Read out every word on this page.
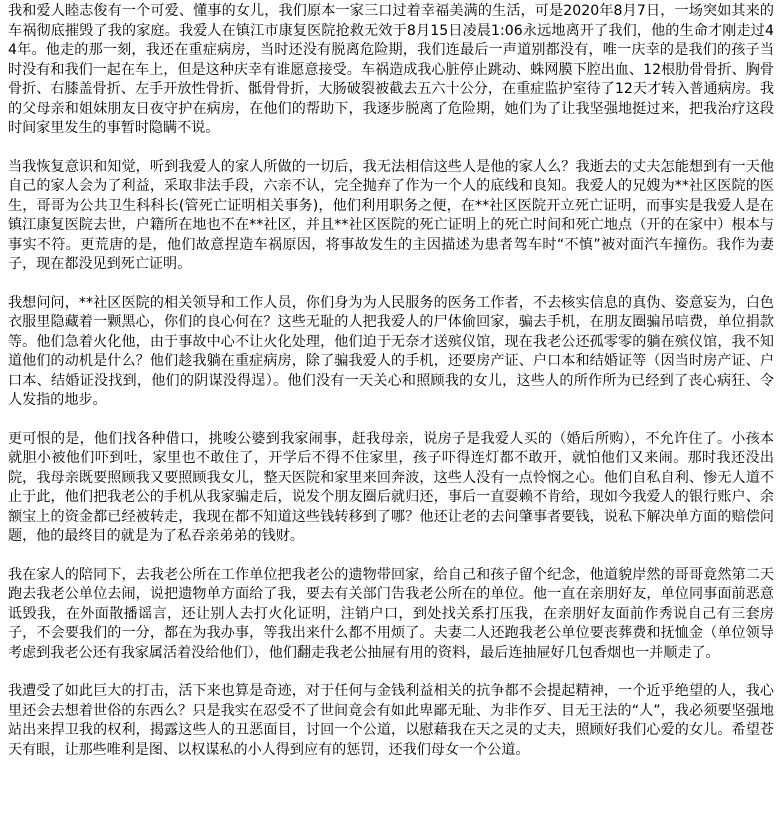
我和爱人睦志俊有一个可爱、懂事的女儿，我们原本一家三口过着幸福美满的生活，可是2020年8月7日，一场突如其来的车祸彻底摧毁了我的家庭。我爱人在镇江市康复医院抢救无效于8月15日凌晨1:06永远地离开了我们，他的生命才刚走过44年。他走的那一刻，我还在重症病房，当时还没有脱离危险期，我们连最后一声道别都没有，唯一庆幸的是我们的孩子当时没有和我们一起在车上，但是这种庆幸有谁愿意接受。车祸造成我心脏停止跳动、蛛网膜下腔出血、12根肋骨骨折、胸骨骨折、右膝盖骨折、左手开放性骨折、骶骨骨折，大肠破裂被截去五六十公分，在重症监护室待了12天才转入普通病房。我的父母亲和姐妹朋友日夜守护在病房，在他们的帮助下，我逐步脱离了危险期，她们为了让我坚强地挺过来，把我治疗这段时间家里发生的事暂时隐瞒不说。

当我恢复意识和知觉，听到我爱人的家人所做的一切后，我无法相信这些人是他的家人么？我逝去的丈夫怎能想到有一天他自己的家人会为了利益，采取非法手段，六亲不认，完全抛弃了作为一个人的底线和良知。我爱人的兄嫂为**社区医院的医生，哥哥为公共卫生科科长(管死亡证明相关事务)，他们利用职务之便，在**社区医院开立死亡证明，而事实是我爱人是在镇江康复医院去世，户籍所在地也不在**社区，并且**社区医院的死亡证明上的死亡时间和死亡地点（开的在家中）根本与事实不符。更荒唐的是，他们故意捏造车祸原因，将事故发生的主因描述为患者驾车时“不慎”被对面汽车撞伤。我作为妻子，现在都没见到死亡证明。

我想问问，**社区医院的相关领导和工作人员，你们身为为人民服务的医务工作者，不去核实信息的真伪、姿意妄为，白色衣服里隐藏着一颗黑心，你们的良心何在？这些无耻的人把我爱人的尸体偷回家，骗去手机，在朋友圈骗吊唁费，单位捐款等。他们急着火化他，由于事故中心不让火化处理，他们迫于无奈才送殡仪馆，现在我老公还孤零零的躺在殡仪馆，我不知道他们的动机是什么？他们趁我躺在重症病房，除了骗我爱人的手机，还要房产证、户口本和结婚证等（因当时房产证、户口本、结婚证没找到，他们的阴谋没得逞）。他们没有一天关心和照顾我的女儿，这些人的所作所为已经到了丧心病狂、令人发指的地步。

更可恨的是，他们找各种借口，挑唆公婆到我家闹事，赶我母亲，说房子是我爱人买的（婚后所购），不允许住了。小孩本就胆小被他们吓到吐，家里也不敢住了，开学后不得不住家里，孩子吓得连灯都不敢开，就怕他们又来闹。那时我还没出院，我母亲既要照顾我又要照顾我女儿，整天医院和家里来回奔波，这些人没有一点怜悯之心。他们自私自利、惨无人道不止于此，他们把我老公的手机从我家骗走后，说发个朋友圈后就归还，事后一直耍赖不肯给，现如今我爱人的银行账户、余额宝上的资金都已经被转走，我现在都不知道这些钱转移到了哪？他还让老的去问肇事者要钱，说私下解决单方面的赔偿问题，他的最终目的就是为了私吞亲弟弟的钱财。

我在家人的陪同下，去我老公所在工作单位把我老公的遗物带回家，给自己和孩子留个纪念，他道貌岸然的哥哥竟然第二天跑去我老公单位去闹，说把遗物单方面给了我，要去有关部门告我老公所在的单位。他一直在亲朋好友，单位同事面前恶意诋毁我，在外面散播谣言，还让别人去打火化证明，注销户口，到处找关系打压我，在亲朋好友面前作秀说自己有三套房子，不会要我们的一分，都在为我办事，等我出来什么都不用烦了。夫妻二人还跑我老公单位要丧葬费和抚恤金（单位领导考虑到我老公还有我家属活着没给他们），他们翻走我老公抽屉有用的资料，最后连抽屉好几包香烟也一并顺走了。

我遭受了如此巨大的打击，活下来也算是奇迹，对于任何与金钱利益相关的抗争都不会提起精神，一个近乎绝望的人，我心里还会去想着世俗的东西么？只是我实在忍受不了世间竟会有如此卑鄙无耻、为非作歹、目无王法的“人”，我必须要坚强地站出来捍卫我的权利，揭露这些人的丑恶面目，讨回一个公道，以慰藉我在天之灵的丈夫，照顾好我们心爱的女儿。希望苍天有眼，让那些唯利是图、以权谋私的小人得到应有的惩罚，还我们母女一个公道。
